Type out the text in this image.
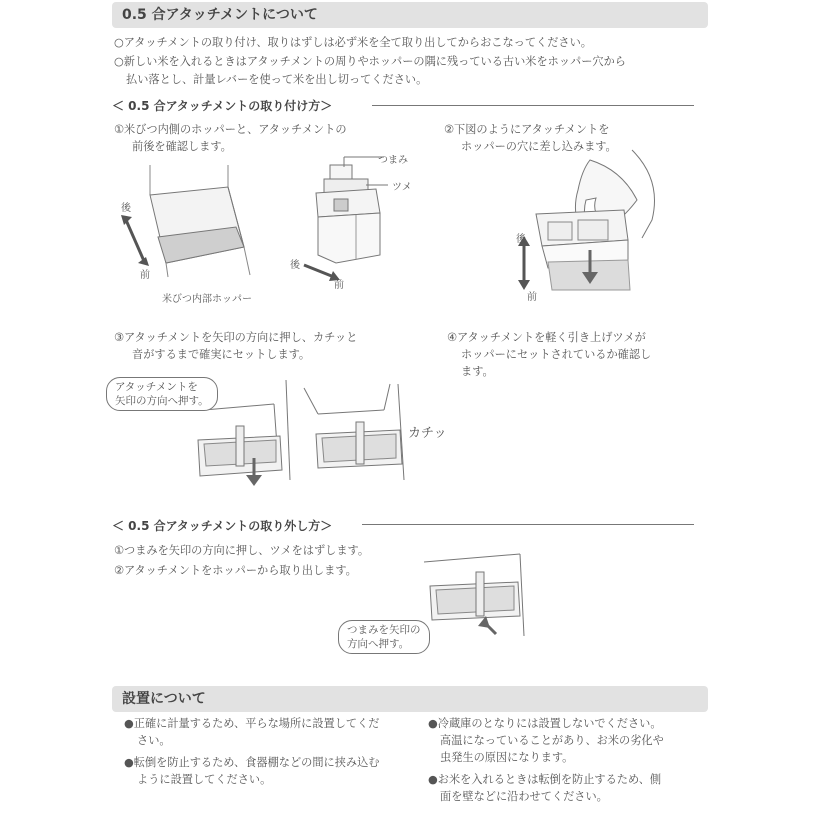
0.5 合アタッチメントについて
○アタッチメントの取り付け、取りはずしは必ず米を全て取り出してからおこなってください。
○新しい米を入れるときはアタッチメントの周りやホッパーの隅に残っている古い米をホッパー穴から
払い落とし、計量レバーを使って米を出し切ってください。
＜ 0.5 合アタッチメントの取り付け方＞
①米びつ内側のホッパーと、アタッチメントの
前後を確認します。
②下図のようにアタッチメントを
ホッパーの穴に差し込みます。
後
前
米びつ内部ホッパー
つまみ
ツメ
後
前
後
前
③アタッチメントを矢印の方向に押し、カチッと
音がするまで確実にセットします。
④アタッチメントを軽く引き上げツメが
ホッパーにセットされているか確認し
ます。
アタッチメントを
矢印の方向へ押す。
カチッ
＜ 0.5 合アタッチメントの取り外し方＞
①つまみを矢印の方向に押し、ツメをはずします。
②アタッチメントをホッパーから取り出します。
つまみを矢印の
方向へ押す。
設置について
●正確に計量するため、平らな場所に設置してくだ
さい。
●転倒を防止するため、食器棚などの間に挟み込む
ように設置してください。
●冷蔵庫のとなりには設置しないでください。
高温になっていることがあり、お米の劣化や
虫発生の原因になります。
●お米を入れるときは転倒を防止するため、側
面を壁などに沿わせてください。
